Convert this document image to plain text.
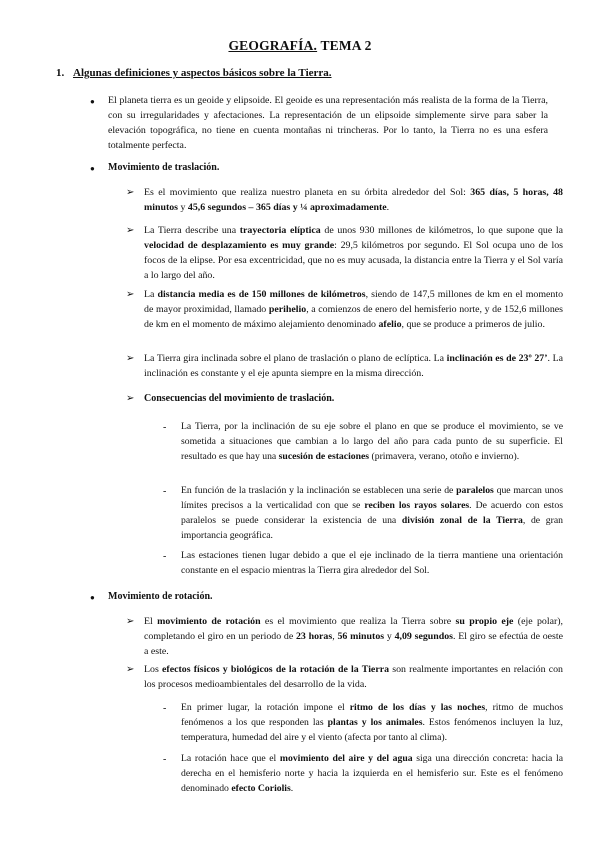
GEOGRAFÍA. TEMA 2
1. Algunas definiciones y aspectos básicos sobre la Tierra.
● El planeta tierra es un geoide y elipsoide. El geoide es una representación más realista de la forma de la Tierra, con su irregularidades y afectaciones. La representación de un elipsoide simplemente sirve para saber la elevación topográfica, no tiene en cuenta montañas ni trincheras. Por lo tanto, la Tierra no es una esfera totalmente perfecta.
● Movimiento de traslación.
➢ Es el movimiento que realiza nuestro planeta en su órbita alrededor del Sol: 365 días, 5 horas, 48 minutos y 45,6 segundos – 365 días y ¼ aproximadamente.
➢ La Tierra describe una trayectoria elíptica de unos 930 millones de kilómetros, lo que supone que la velocidad de desplazamiento es muy grande: 29,5 kilómetros por segundo. El Sol ocupa uno de los focos de la elipse. Por esa excentricidad, que no es muy acusada, la distancia entre la Tierra y el Sol varía a lo largo del año.
➢ La distancia media es de 150 millones de kilómetros, siendo de 147,5 millones de km en el momento de mayor proximidad, llamado perihelio, a comienzos de enero del hemisferio norte, y de 152,6 millones de km en el momento de máximo alejamiento denominado afelio, que se produce a primeros de julio.
➢ La Tierra gira inclinada sobre el plano de traslación o plano de eclíptica. La inclinación es de 23º 27’. La inclinación es constante y el eje apunta siempre en la misma dirección.
➢ Consecuencias del movimiento de traslación.
- La Tierra, por la inclinación de su eje sobre el plano en que se produce el movimiento, se ve sometida a situaciones que cambian a lo largo del año para cada punto de su superficie. El resultado es que hay una sucesión de estaciones (primavera, verano, otoño e invierno).
- En función de la traslación y la inclinación se establecen una serie de paralelos que marcan unos límites precisos a la verticalidad con que se reciben los rayos solares. De acuerdo con estos paralelos se puede considerar la existencia de una división zonal de la Tierra, de gran importancia geográfica.
- Las estaciones tienen lugar debido a que el eje inclinado de la tierra mantiene una orientación constante en el espacio mientras la Tierra gira alrededor del Sol.
● Movimiento de rotación.
➢ El movimiento de rotación es el movimiento que realiza la Tierra sobre su propio eje (eje polar), completando el giro en un periodo de 23 horas, 56 minutos y 4,09 segundos. El giro se efectúa de oeste a este.
➢ Los efectos físicos y biológicos de la rotación de la Tierra son realmente importantes en relación con los procesos medioambientales del desarrollo de la vida.
- En primer lugar, la rotación impone el ritmo de los días y las noches, ritmo de muchos fenómenos a los que responden las plantas y los animales. Estos fenómenos incluyen la luz, temperatura, humedad del aire y el viento (afecta por tanto al clima).
- La rotación hace que el movimiento del aire y del agua siga una dirección concreta: hacia la derecha en el hemisferio norte y hacia la izquierda en el hemisferio sur. Este es el fenómeno denominado efecto Coriolis.
